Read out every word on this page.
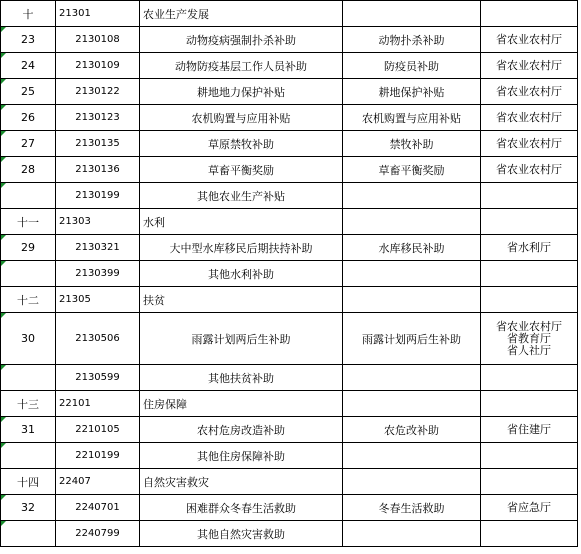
十	21301	农业生产发展		

23	2130108	动物疫病强制扑杀补助	动物扑杀补助	省农业农村厅

24	2130109	动物防疫基层工作人员补助	防疫员补助	省农业农村厅

25	2130122	耕地地力保护补贴	耕地保护补贴	省农业农村厅

26	2130123	农机购置与应用补贴	农机购置与应用补贴	省农业农村厅

27	2130135	草原禁牧补助	禁牧补助	省农业农村厅

28	2130136	草畜平衡奖励	草畜平衡奖励	省农业农村厅

	2130199	其他农业生产补贴		
十一	21303	水利		

29	2130321	大中型水库移民后期扶持补助	水库移民补助	省水利厅

	2130399	其他水利补助		
十二	21305	扶贫		

30	2130506	雨露计划两后生补助	雨露计划两后生补助	省农业农村厅
省教育厅
省人社厅

	2130599	其他扶贫补助		
十三	22101	住房保障		

31	2210105	农村危房改造补助	农危改补助	省住建厅

	2210199	其他住房保障补助		
十四	22407	自然灾害救灾		

32	2240701	困难群众冬春生活救助	冬春生活救助	省应急厅

	2240799	其他自然灾害救助		
